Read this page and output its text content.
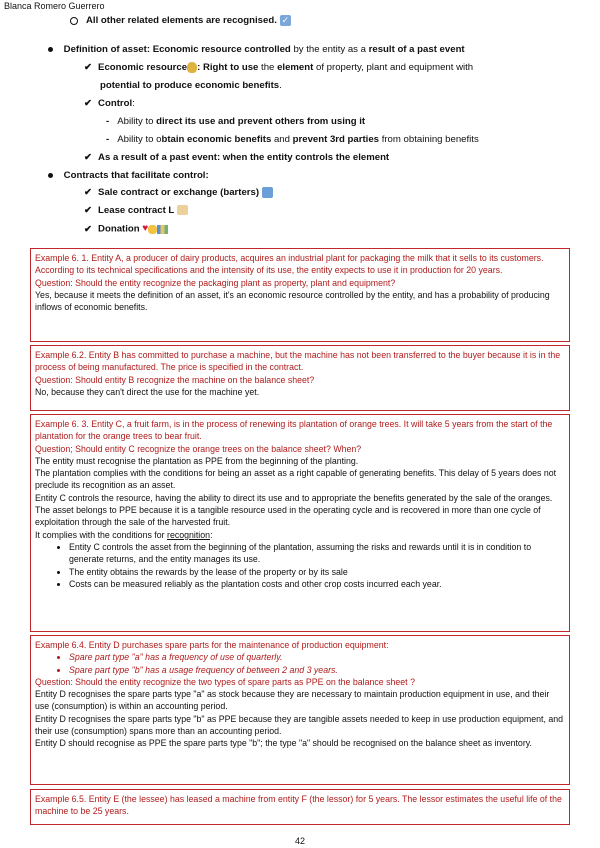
Blanca Romero Guerrero
All other related elements are recognised. ✓
Definition of asset: Economic resource controlled by the entity as a result of a past event
✔ Economic resource : Right to use the element of property, plant and equipment with
potential to produce economic benefits.
✔ Control:
- Ability to direct its use and prevent others from using it
- Ability to obtain economic benefits and prevent 3rd parties from obtaining benefits
✔ As a result of a past event: when the entity controls the element
Contracts that facilitate control:
✔ Sale contract or exchange (barters)
✔ Lease contract L
✔ Donation ♥
Example 6. 1. Entity A, a producer of dairy products, acquires an industrial plant for packaging the milk that it sells to its customers. According to its technical specifications and the intensity of its use, the entity expects to use it in production for 20 years.
Question: Should the entity recognize the packaging plant as property, plant and equipment?
Yes, because it meets the definition of an asset, it's an economic resource controlled by the entity, and has a probability of producing inflows of economic benefits.
Example 6.2. Entity B has committed to purchase a machine, but the machine has not been transferred to the buyer because it is in the process of being manufactured. The price is specified in the contract.
Question: Should entity B recognize the machine on the balance sheet?
No, because they can't direct the use for the machine yet.
Example 6. 3. Entity C, a fruit farm, is in the process of renewing its plantation of orange trees. It will take 5 years from the start of the plantation for the orange trees to bear fruit.
Question; Should entity C recognize the orange trees on the balance sheet? When?
The entity must recognise the plantation as PPE from the beginning of the planting.
The plantation complies with the conditions for being an asset as a right capable of generating benefits. This delay of 5 years does not preclude its recognition as an asset.
Entity C controls the resource, having the ability to direct its use and to appropriate the benefits generated by the sale of the oranges.
The asset belongs to PPE because it is a tangible resource used in the operating cycle and is recovered in more than one cycle of exploitation through the sale of the harvested fruit.
It complies with the conditions for recognition:
• Entity C controls the asset from the beginning of the plantation, assuming the risks and rewards until it is in condition to generate returns, and the entity manages its use.
• The entity obtains the rewards by the lease of the property or by its sale
• Costs can be measured reliably as the plantation costs and other crop costs incurred each year.
Example 6.4. Entity D purchases spare parts for the maintenance of production equipment:
• Spare part type "a" has a frequency of use of quarterly.
• Spare part type "b" has a usage frequency of between 2 and 3 years.
Question: Should the entity recognize the two types of spare parts as PPE on the balance sheet ?
Entity D recognises the spare parts type "a" as stock because they are necessary to maintain production equipment in use, and their use (consumption) is within an accounting period.
Entity D recognises the spare parts type "b" as PPE because they are tangible assets needed to keep in use production equipment, and their use (consumption) spans more than an accounting period.
Entity D should recognise as PPE the spare parts type "b"; the type "a" should be recognised on the balance sheet as inventory.
Example 6.5. Entity E (the lessee) has leased a machine from entity F (the lessor) for 5 years. The lessor estimates the useful life of the machine to be 25 years.
42
